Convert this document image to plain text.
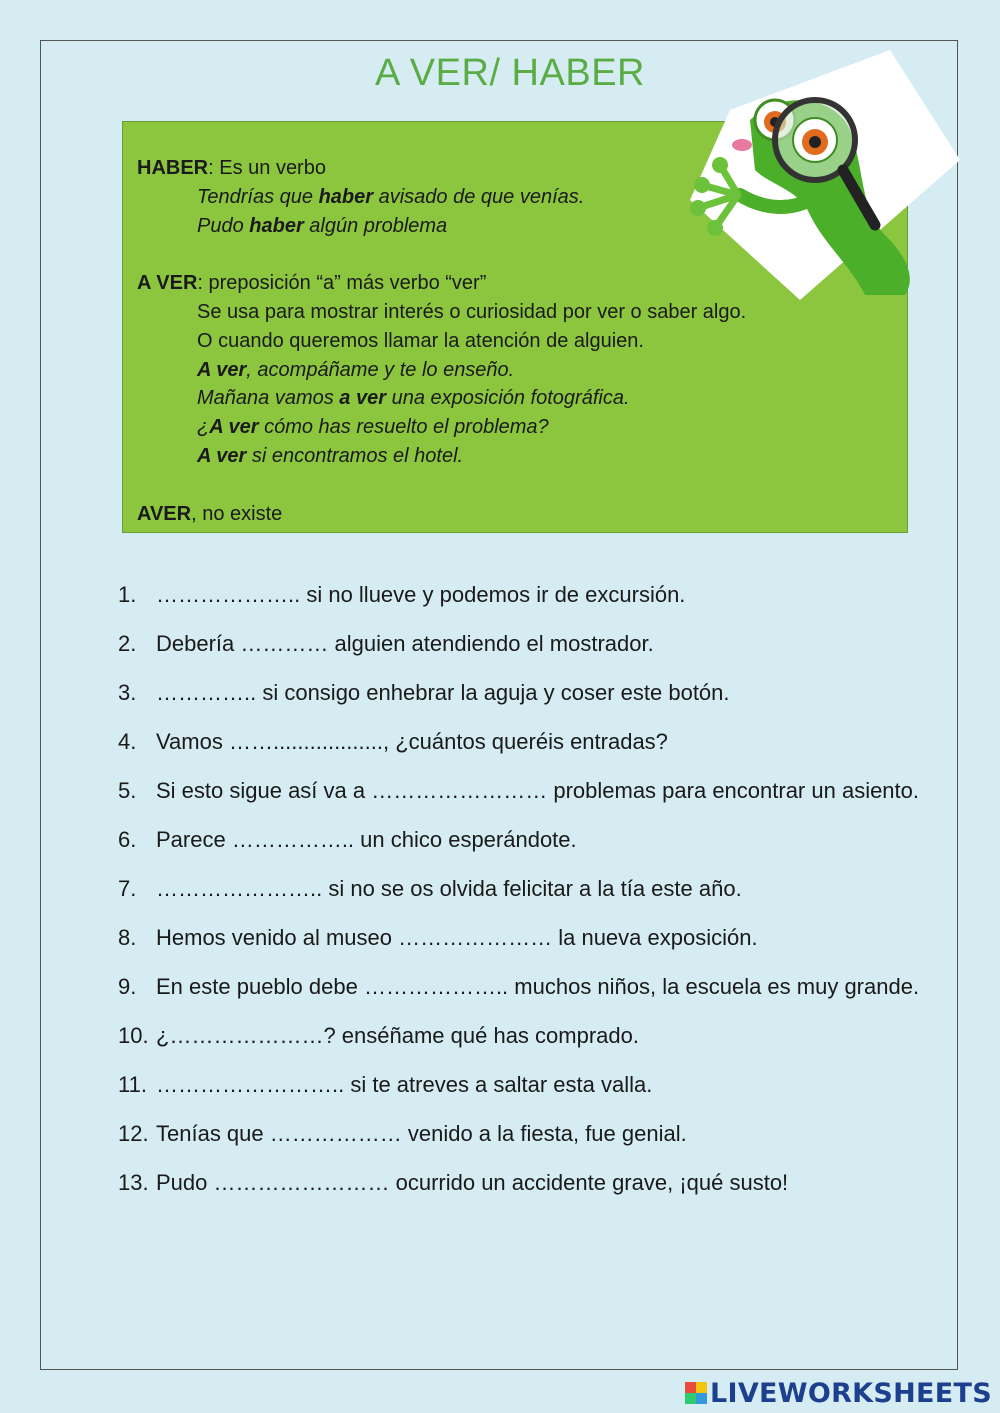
A VER/ HABER
HABER: Es un verbo
Tendrías que haber avisado de que venías.
Pudo haber algún problema
A VER: preposición “a” más verbo “ver”
Se usa para mostrar interés o curiosidad por ver o saber algo.
O cuando queremos llamar la atención de alguien.
A ver, acompáñame y te lo enseño.
Mañana vamos a ver una exposición fotográfica.
¿A ver cómo has resuelto el problema?
A ver si encontramos el hotel.
AVER, no existe
1. ……………….. si no llueve y podemos ir de excursión.
2. Debería ………… alguien atendiendo el mostrador.
3. ………….. si consigo enhebrar la aguja y coser este botón.
4. Vamos …….................., ¿cuántos queréis entradas?
5. Si esto sigue así va a …………………… problemas para encontrar un asiento.
6. Parece …………….. un chico esperándote.
7. ………………….. si no se os olvida felicitar a la tía este año.
8. Hemos venido al museo ………………… la nueva exposición.
9. En este pueblo debe ……………….. muchos niños, la escuela es muy grande.
10. ¿…………………? enséñame qué has comprado.
11. …………………….. si te atreves a saltar esta valla.
12. Tenías que ……………… venido a la fiesta, fue genial.
13. Pudo …………………… ocurrido un accidente grave, ¡qué susto!
LIVEWORKSHEETS
